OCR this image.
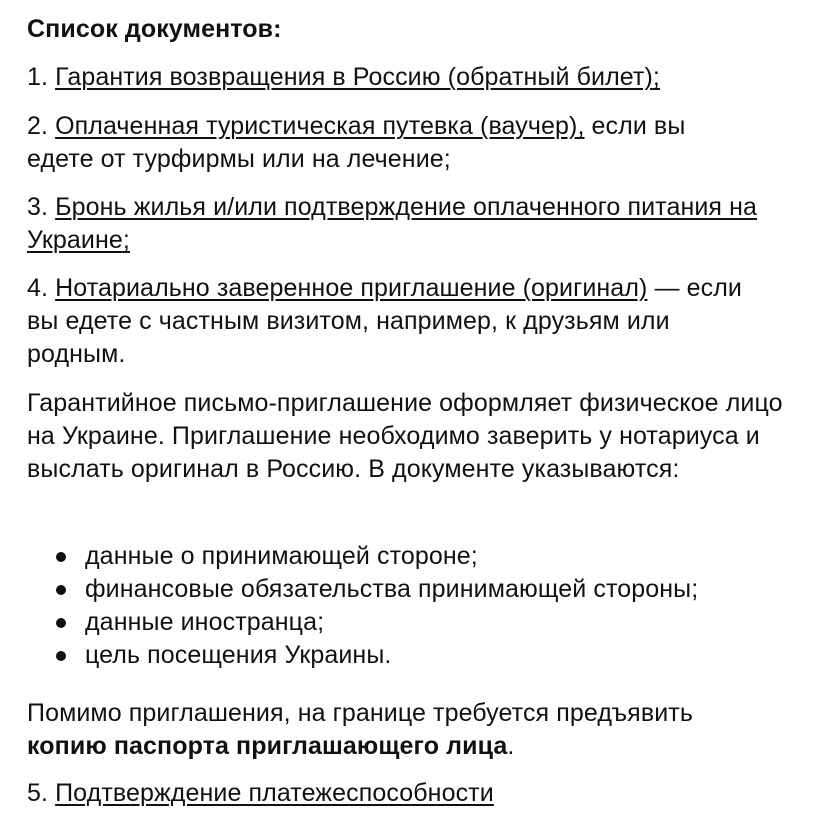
Список документов:

1. Гарантия возвращения в Россию (обратный билет);

2. Оплаченная туристическая путевка (ваучер), если вы едете от турфирмы или на лечение;

3. Бронь жилья и/или подтверждение оплаченного питания на Украине;

4. Нотариально заверенное приглашение (оригинал) — если вы едете с частным визитом, например, к друзьям или родным.

Гарантийное письмо-приглашение оформляет физическое лицо на Украине. Приглашение необходимо заверить у нотариуса и выслать оригинал в Россию. В документе указываются:

данные о принимающей стороне;
финансовые обязательства принимающей стороны;
данные иностранца;
цель посещения Украины.

Помимо приглашения, на границе требуется предъявить копию паспорта приглашающего лица.

5. Подтверждение платежеспособности
